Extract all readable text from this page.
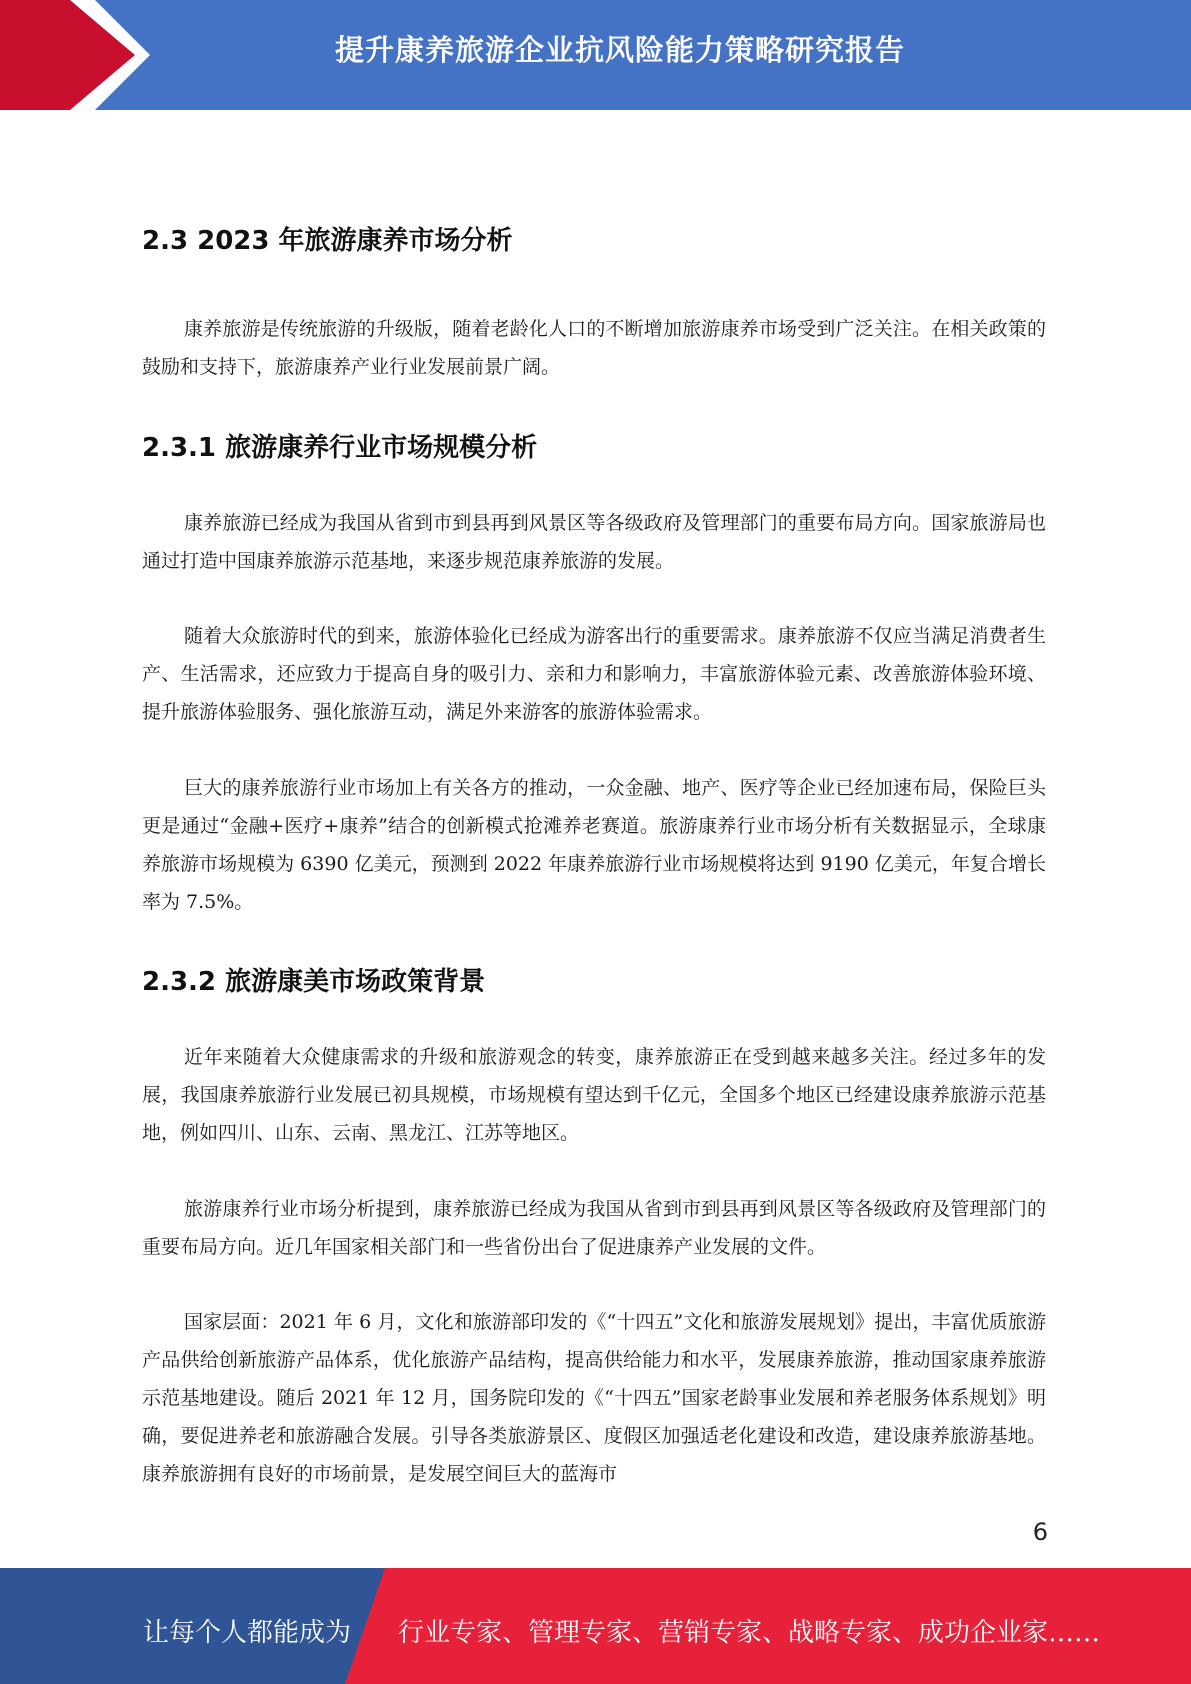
提升康养旅游企业抗风险能力策略研究报告
2.3 2023 年旅游康养市场分析

康养旅游是传统旅游的升级版，随着老龄化人口的不断增加旅游康养市场受到广泛关注。在相关政策的鼓励和支持下，旅游康养产业行业发展前景广阔。

2.3.1 旅游康养行业市场规模分析

康养旅游已经成为我国从省到市到县再到风景区等各级政府及管理部门的重要布局方向。国家旅游局也通过打造中国康养旅游示范基地，来逐步规范康养旅游的发展。

随着大众旅游时代的到来，旅游体验化已经成为游客出行的重要需求。康养旅游不仅应当满足消费者生产、生活需求，还应致力于提高自身的吸引力、亲和力和影响力，丰富旅游体验元素、改善旅游体验环境、提升旅游体验服务、强化旅游互动，满足外来游客的旅游体验需求。

巨大的康养旅游行业市场加上有关各方的推动，一众金融、地产、医疗等企业已经加速布局，保险巨头更是通过“金融+医疗+康养”结合的创新模式抢滩养老赛道。旅游康养行业市场分析有关数据显示，全球康养旅游市场规模为 6390 亿美元，预测到 2022 年康养旅游行业市场规模将达到 9190 亿美元，年复合增长率为 7.5%。

2.3.2 旅游康美市场政策背景

近年来随着大众健康需求的升级和旅游观念的转变，康养旅游正在受到越来越多关注。经过多年的发展，我国康养旅游行业发展已初具规模，市场规模有望达到千亿元，全国多个地区已经建设康养旅游示范基地，例如四川、山东、云南、黑龙江、江苏等地区。

旅游康养行业市场分析提到，康养旅游已经成为我国从省到市到县再到风景区等各级政府及管理部门的重要布局方向。近几年国家相关部门和一些省份出台了促进康养产业发展的文件。

国家层面：2021 年 6 月，文化和旅游部印发的《“十四五”文化和旅游发展规划》提出，丰富优质旅游产品供给创新旅游产品体系，优化旅游产品结构，提高供给能力和水平，发展康养旅游，推动国家康养旅游示范基地建设。随后 2021 年 12 月，国务院印发的《“十四五”国家老龄事业发展和养老服务体系规划》明确，要促进养老和旅游融合发展。引导各类旅游景区、度假区加强适老化建设和改造，建设康养旅游基地。康养旅游拥有良好的市场前景，是发展空间巨大的蓝海市

6
让每个人都能成为 行业专家、管理专家、营销专家、战略专家、成功企业家……
